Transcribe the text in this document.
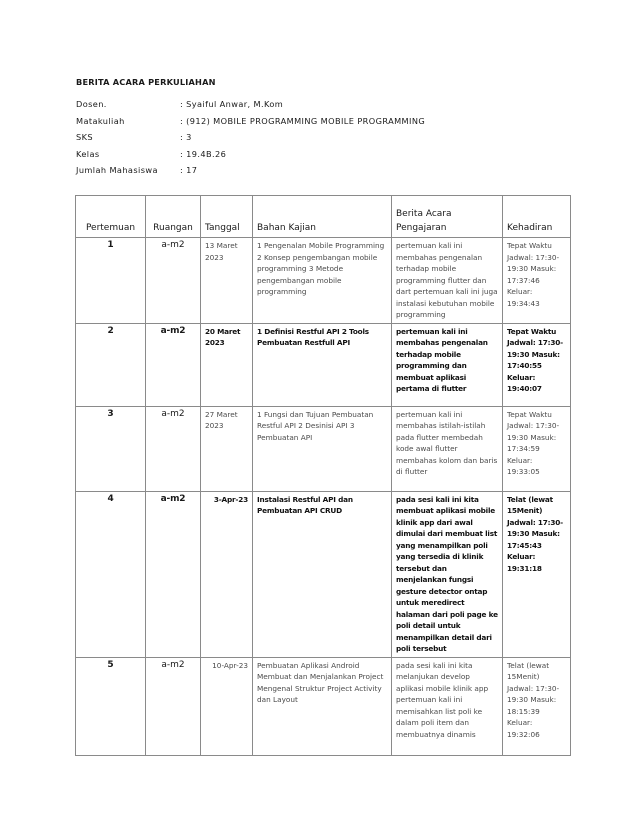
BERITA ACARA PERKULIAHAN
Dosen.	: Syaiful Anwar, M.Kom
Matakuliah	: (912) MOBILE PROGRAMMING MOBILE PROGRAMMING
SKS	: 3
Kelas	: 19.4B.26
Jumlah Mahasiswa	: 17
Pertemuan	Ruangan	Tanggal	Bahan Kajian	Berita Acara Pengajaran	Kehadiran
1	a-m2	13 Maret 2023	1 Pengenalan Mobile Programming 2 Konsep pengembangan mobile programming 3 Metode pengembangan mobile programming	pertemuan kali ini membahas pengenalan terhadap mobile programming flutter dan dart pertemuan kali ini juga instalasi kebutuhan mobile programming	Tepat Waktu Jadwal: 17:30-19:30 Masuk: 17:37:46 Keluar: 19:34:43
2	a-m2	20 Maret 2023	1 Definisi Restful API 2 Tools Pembuatan Restfull API	pertemuan kali ini membahas pengenalan terhadap mobile programming dan membuat aplikasi pertama di flutter	Tepat Waktu Jadwal: 17:30-19:30 Masuk: 17:40:55 Keluar: 19:40:07
3	a-m2	27 Maret 2023	1 Fungsi dan Tujuan Pembuatan Restful API 2 Desinisi API 3 Pembuatan API	pertemuan kali ini membahas istilah-istilah pada flutter membedah kode awal flutter membahas kolom dan baris di flutter	Tepat Waktu Jadwal: 17:30-19:30 Masuk: 17:34:59 Keluar: 19:33:05
4	a-m2	3-Apr-23	Instalasi Restful API dan Pembuatan API CRUD	pada sesi kali ini kita membuat aplikasi mobile klinik app dari awal dimulai dari membuat list yang menampilkan poli yang tersedia di klinik tersebut dan menjelankan fungsi gesture detector ontap untuk meredirect halaman dari poli page ke poli detail untuk menampilkan detail dari poli tersebut	Telat (lewat 15Menit) Jadwal: 17:30-19:30 Masuk: 17:45:43 Keluar: 19:31:18
5	a-m2	10-Apr-23	Pembuatan Aplikasi Android Membuat dan Menjalankan Project Mengenal Struktur Project Activity dan Layout	pada sesi kali ini kita melanjukan develop aplikasi mobile klinik app pertemuan kali ini memisahkan list poli ke dalam poli item dan membuatnya dinamis	Telat (lewat 15Menit) Jadwal: 17:30-19:30 Masuk: 18:15:39 Keluar: 19:32:06
